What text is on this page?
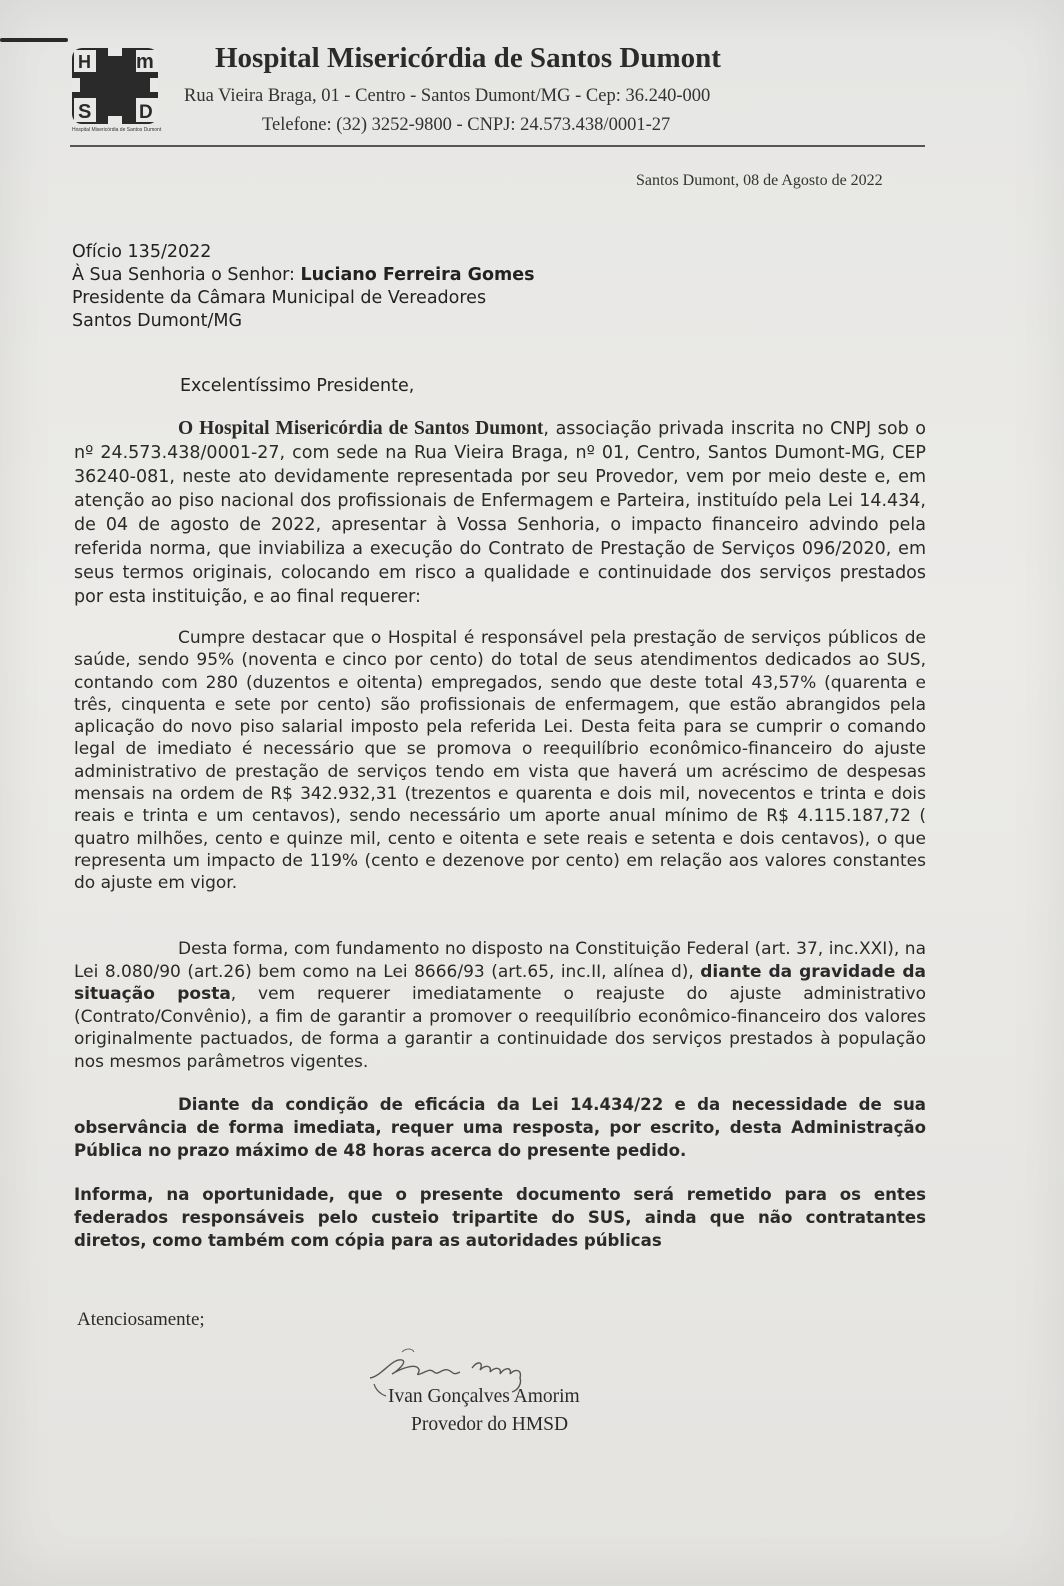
H m
S	D
Hospital Misericórdia de Santos Dumont
Hospital Misericórdia de Santos Dumont
Rua Vieira Braga, 01 - Centro - Santos Dumont/MG - Cep: 36.240-000
Telefone: (32) 3252-9800 - CNPJ: 24.573.438/0001-27
Santos Dumont, 08 de Agosto de 2022
Ofício 135/2022
À Sua Senhoria o Senhor: Luciano Ferreira Gomes
Presidente da Câmara Municipal de Vereadores
Santos Dumont/MG
Excelentíssimo Presidente,
O Hospital Misericórdia de Santos Dumont, associação privada inscrita no CNPJ sob o nº 24.573.438/0001-27, com sede na Rua Vieira Braga, nº 01, Centro, Santos Dumont-MG, CEP 36240-081, neste ato devidamente representada por seu Provedor, vem por meio deste e, em atenção ao piso nacional dos profissionais de Enfermagem e Parteira, instituído pela Lei 14.434, de 04 de agosto de 2022, apresentar à Vossa Senhoria, o impacto financeiro advindo pela referida norma, que inviabiliza a execução do Contrato de Prestação de Serviços 096/2020, em seus termos originais, colocando em risco a qualidade e continuidade dos serviços prestados por esta instituição, e ao final requerer:
Cumpre destacar que o Hospital é responsável pela prestação de serviços públicos de saúde, sendo 95% (noventa e cinco por cento) do total de seus atendimentos dedicados ao SUS, contando com 280 (duzentos e oitenta) empregados, sendo que deste total 43,57% (quarenta e três, cinquenta e sete por cento) são profissionais de enfermagem, que estão abrangidos pela aplicação do novo piso salarial imposto pela referida Lei. Desta feita para se cumprir o comando legal de imediato é necessário que se promova o reequilíbrio econômico-financeiro do ajuste administrativo de prestação de serviços tendo em vista que haverá um acréscimo de despesas mensais na ordem de R$ 342.932,31 (trezentos e quarenta e dois mil, novecentos e trinta e dois reais e trinta e um centavos), sendo necessário um aporte anual mínimo de R$ 4.115.187,72 ( quatro milhões, cento e quinze mil, cento e oitenta e sete reais e setenta e dois centavos), o que representa um impacto de 119% (cento e dezenove por cento) em relação aos valores constantes do ajuste em vigor.
Desta forma, com fundamento no disposto na Constituição Federal (art. 37, inc.XXI), na Lei 8.080/90 (art.26) bem como na Lei 8666/93 (art.65, inc.II, alínea d), diante da gravidade da situação posta, vem requerer imediatamente o reajuste do ajuste administrativo (Contrato/Convênio), a fim de garantir a promover o reequilíbrio econômico-financeiro dos valores originalmente pactuados, de forma a garantir a continuidade dos serviços prestados à população nos mesmos parâmetros vigentes.
Diante da condição de eficácia da Lei 14.434/22 e da necessidade de sua observância de forma imediata, requer uma resposta, por escrito, desta Administração Pública no prazo máximo de 48 horas acerca do presente pedido.
Informa, na oportunidade, que o presente documento será remetido para os entes federados responsáveis pelo custeio tripartite do SUS, ainda que não contratantes diretos, como também com cópia para as autoridades públicas
Atenciosamente;
Ivan Gonçalves Amorim
Provedor do HMSD
